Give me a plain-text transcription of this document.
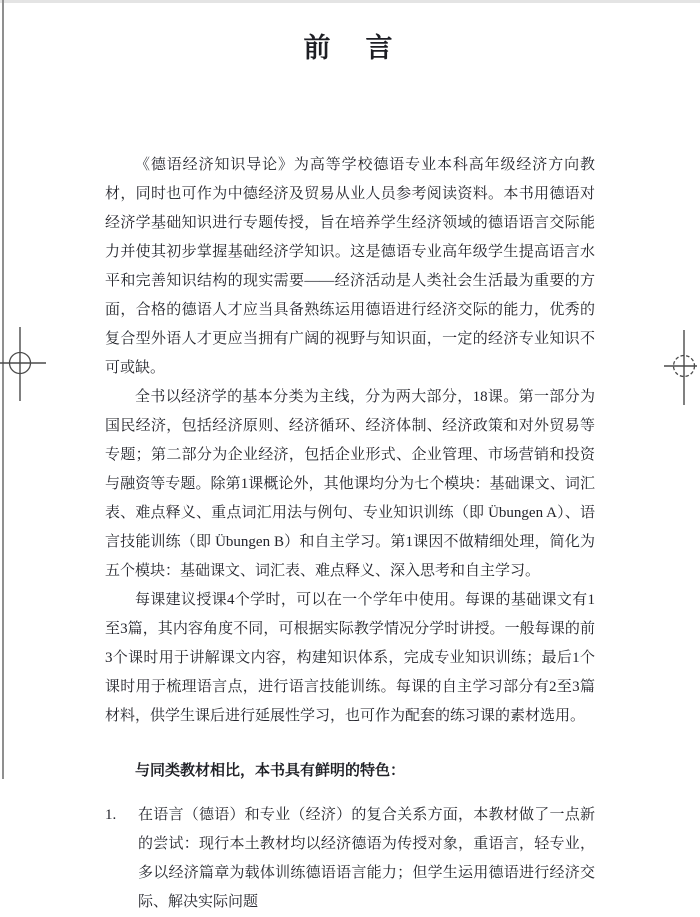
前　言

《德语经济知识导论》为高等学校德语专业本科高年级经济方向教材，同时也可作为中德经济及贸易从业人员参考阅读资料。本书用德语对经济学基础知识进行专题传授，旨在培养学生经济领域的德语语言交际能力并使其初步掌握基础经济学知识。这是德语专业高年级学生提高语言水平和完善知识结构的现实需要——经济活动是人类社会生活最为重要的方面，合格的德语人才应当具备熟练运用德语进行经济交际的能力，优秀的复合型外语人才更应当拥有广阔的视野与知识面，一定的经济专业知识不可或缺。

全书以经济学的基本分类为主线，分为两大部分，18课。第一部分为国民经济，包括经济原则、经济循环、经济体制、经济政策和对外贸易等专题；第二部分为企业经济，包括企业形式、企业管理、市场营销和投资与融资等专题。除第1课概论外，其他课均分为七个模块：基础课文、词汇表、难点释义、重点词汇用法与例句、专业知识训练（即 Übungen A）、语言技能训练（即 Übungen B）和自主学习。第1课因不做精细处理，简化为五个模块：基础课文、词汇表、难点释义、深入思考和自主学习。

每课建议授课4个学时，可以在一个学年中使用。每课的基础课文有1至3篇，其内容角度不同，可根据实际教学情况分学时讲授。一般每课的前3个课时用于讲解课文内容，构建知识体系，完成专业知识训练；最后1个课时用于梳理语言点，进行语言技能训练。每课的自主学习部分有2至3篇材料，供学生课后进行延展性学习，也可作为配套的练习课的素材选用。

与同类教材相比，本书具有鲜明的特色：

1.	在语言（德语）和专业（经济）的复合关系方面，本教材做了一点新的尝试：现行本土教材均以经济德语为传授对象，重语言，轻专业，多以经济篇章为载体训练德语语言能力；但学生运用德语进行经济交际、解决实际问题
